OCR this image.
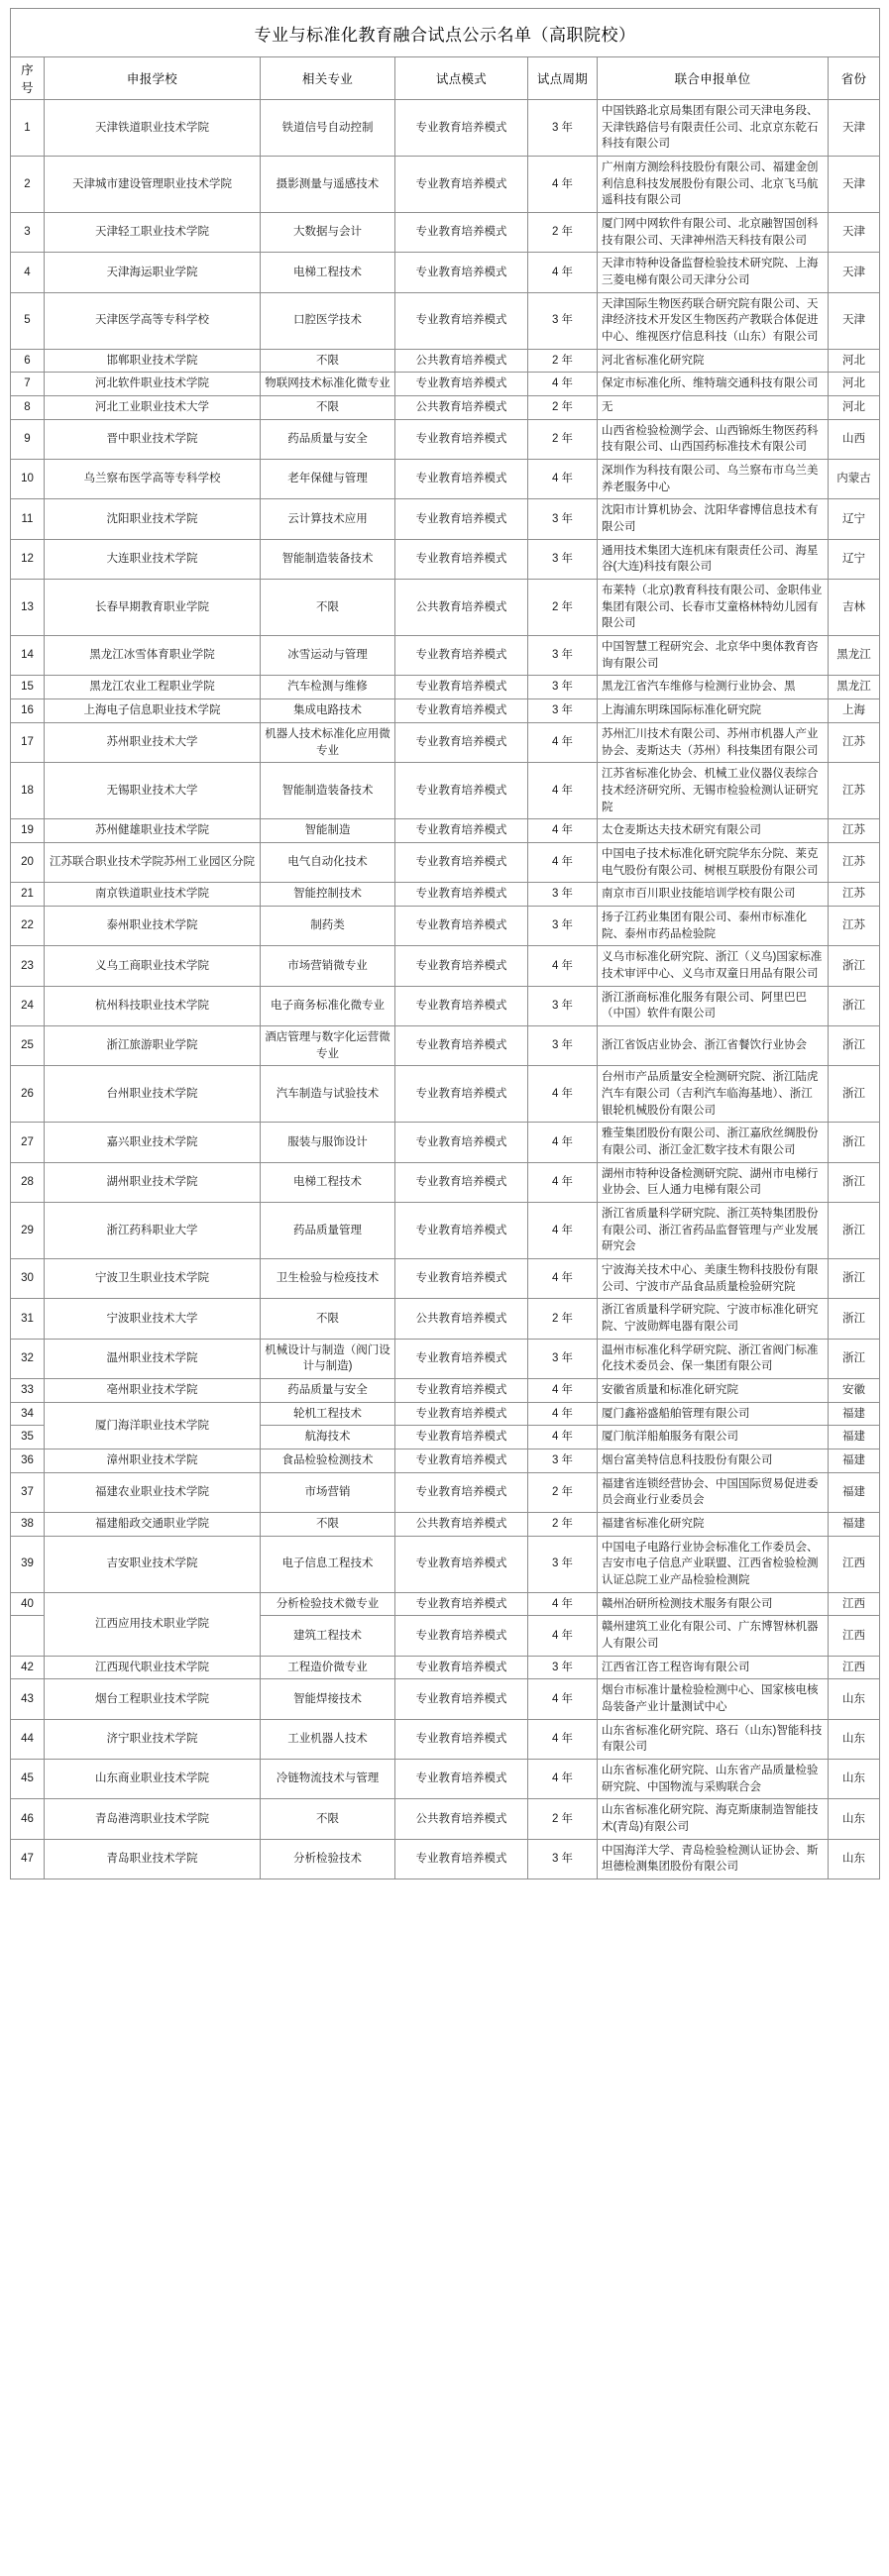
专业与标准化教育融合试点公示名单（高职院校）						
序号	申报学校	相关专业	试点模式	试点周期	联合申报单位	省份
1	天津铁道职业技术学院	铁道信号自动控制	专业教育培养模式	3 年	中国铁路北京局集团有限公司天津电务段、天津铁路信号有限责任公司、北京京东乾石科技有限公司	天津
2	天津城市建设管理职业技术学院	摄影测量与遥感技术	专业教育培养模式	4 年	广州南方测绘科技股份有限公司、福建金创利信息科技发展股份有限公司、北京飞马航遥科技有限公司	天津
3	天津轻工职业技术学院	大数据与会计	专业教育培养模式	2 年	厦门网中网软件有限公司、北京融智国创科技有限公司、天津神州浩天科技有限公司	天津
4	天津海运职业学院	电梯工程技术	专业教育培养模式	4 年	天津市特种设备监督检验技术研究院、上海三菱电梯有限公司天津分公司	天津
5	天津医学高等专科学校	口腔医学技术	专业教育培养模式	3 年	天津国际生物医药联合研究院有限公司、天津经济技术开发区生物医药产教联合体促进中心、维视医疗信息科技（山东）有限公司	天津
6	邯郸职业技术学院	不限	公共教育培养模式	2 年	河北省标准化研究院	河北
7	河北软件职业技术学院	物联网技术标准化微专业	专业教育培养模式	4 年	保定市标准化所、维特瑞交通科技有限公司	河北
8	河北工业职业技术大学	不限	公共教育培养模式	2 年	无	河北
9	晋中职业技术学院	药品质量与安全	专业教育培养模式	2 年	山西省检验检测学会、山西锦烁生物医药科技有限公司、山西国药标准技术有限公司	山西
10	乌兰察布医学高等专科学校	老年保健与管理	专业教育培养模式	4 年	深圳作为科技有限公司、乌兰察布市乌兰美养老服务中心	内蒙古
11	沈阳职业技术学院	云计算技术应用	专业教育培养模式	3 年	沈阳市计算机协会、沈阳华睿博信息技术有限公司	辽宁
12	大连职业技术学院	智能制造装备技术	专业教育培养模式	3 年	通用技术集团大连机床有限责任公司、海星谷(大连)科技有限公司	辽宁
13	长春早期教育职业学院	不限	公共教育培养模式	2 年	布莱特（北京)教育科技有限公司、金职伟业集团有限公司、长春市艾童格林特幼儿园有限公司	吉林
14	黑龙江冰雪体育职业学院	冰雪运动与管理	专业教育培养模式	3 年	中国智慧工程研究会、北京华中奥体教育咨询有限公司	黑龙江
15	黑龙江农业工程职业学院	汽车检测与维修	专业教育培养模式	3 年	黑龙江省汽车维修与检测行业协会、黑	黑龙江
16	上海电子信息职业技术学院	集成电路技术	专业教育培养模式	3 年	上海浦东明珠国际标准化研究院	上海
17	苏州职业技术大学	机器人技术标准化应用微专业	专业教育培养模式	4 年	苏州汇川技术有限公司、苏州市机器人产业协会、麦斯达夫（苏州）科技集团有限公司	江苏
18	无锡职业技术大学	智能制造装备技术	专业教育培养模式	4 年	江苏省标准化协会、机械工业仪器仪表综合技术经济研究所、无锡市检验检测认证研究院	江苏
19	苏州健雄职业技术学院	智能制造	专业教育培养模式	4 年	太仓麦斯达夫技术研究有限公司	江苏
20	江苏联合职业技术学院苏州工业园区分院	电气自动化技术	专业教育培养模式	4 年	中国电子技术标准化研究院华东分院、莱克电气股份有限公司、树根互联股份有限公司	江苏
21	南京铁道职业技术学院	智能控制技术	专业教育培养模式	3 年	南京市百川职业技能培训学校有限公司	江苏
22	泰州职业技术学院	制药类	专业教育培养模式	3 年	扬子江药业集团有限公司、泰州市标准化院、泰州市药品检验院	江苏
23	义乌工商职业技术学院	市场营销微专业	专业教育培养模式	4 年	义乌市标准化研究院、浙江（义乌)国家标准技术审评中心、义乌市双童日用品有限公司	浙江
24	杭州科技职业技术学院	电子商务标准化微专业	专业教育培养模式	3 年	浙江浙商标准化服务有限公司、阿里巴巴（中国）软件有限公司	浙江
25	浙江旅游职业学院	酒店管理与数字化运营微专业	专业教育培养模式	3 年	浙江省饭店业协会、浙江省餐饮行业协会	浙江
26	台州职业技术学院	汽车制造与试验技术	专业教育培养模式	4 年	台州市产品质量安全检测研究院、浙江陆虎汽车有限公司（吉利汽车临海基地）、浙江银轮机械股份有限公司	浙江
27	嘉兴职业技术学院	服装与服饰设计	专业教育培养模式	4 年	雅莹集团股份有限公司、浙江嘉欣丝绸股份有限公司、浙江金汇数字技术有限公司	浙江
28	湖州职业技术学院	电梯工程技术	专业教育培养模式	4 年	湖州市特种设备检测研究院、湖州市电梯行业协会、巨人通力电梯有限公司	浙江
29	浙江药科职业大学	药品质量管理	专业教育培养模式	4 年	浙江省质量科学研究院、浙江英特集团股份有限公司、浙江省药品监督管理与产业发展研究会	浙江
30	宁波卫生职业技术学院	卫生检验与检疫技术	专业教育培养模式	4 年	宁波海关技术中心、美康生物科技股份有限公司、宁波市产品食品质量检验研究院	浙江
31	宁波职业技术大学	不限	公共教育培养模式	2 年	浙江省质量科学研究院、宁波市标准化研究院、宁波勋辉电器有限公司	浙江
32	温州职业技术学院	机械设计与制造（阀门设计与制造)	专业教育培养模式	3 年	温州市标准化科学研究院、浙江省阀门标准化技术委员会、保一集团有限公司	浙江
33	亳州职业技术学院	药品质量与安全	专业教育培养模式	4 年	安徽省质量和标准化研究院	安徽
34	厦门海洋职业技术学院	轮机工程技术	专业教育培养模式	4 年	厦门鑫裕盛船舶管理有限公司	福建
35		航海技术	专业教育培养模式	4 年	厦门航洋船舶服务有限公司	福建
36	漳州职业技术学院	食品检验检测技术	专业教育培养模式	3 年	烟台富美特信息科技股份有限公司	福建
37	福建农业职业技术学院	市场营销	专业教育培养模式	2 年	福建省连锁经营协会、中国国际贸易促进委员会商业行业委员会	福建
38	福建船政交通职业学院	不限	公共教育培养模式	2 年	福建省标准化研究院	福建
39	吉安职业技术学院	电子信息工程技术	专业教育培养模式	3 年	中国电子电路行业协会标准化工作委员会、吉安市电子信息产业联盟、江西省检验检测认证总院工业产品检验检测院	江西
40	江西应用技术职业学院	分析检验技术微专业	专业教育培养模式	4 年	赣州冶研所检测技术服务有限公司	江西
		建筑工程技术	专业教育培养模式	4 年	赣州建筑工业化有限公司、广东博智林机器人有限公司	江西
42	江西现代职业技术学院	工程造价微专业	专业教育培养模式	3 年	江西省江咨工程咨询有限公司	江西
43	烟台工程职业技术学院	智能焊接技术	专业教育培养模式	4 年	烟台市标准计量检验检测中心、国家核电核岛装备产业计量测试中心	山东
44	济宁职业技术学院	工业机器人技术	专业教育培养模式	4 年	山东省标准化研究院、珞石（山东)智能科技有限公司	山东
45	山东商业职业技术学院	冷链物流技术与管理	专业教育培养模式	4 年	山东省标准化研究院、山东省产品质量检验研究院、中国物流与采购联合会	山东
46	青岛港湾职业技术学院	不限	公共教育培养模式	2 年	山东省标准化研究院、海克斯康制造智能技术(青岛)有限公司	山东
47	青岛职业技术学院	分析检验技术	专业教育培养模式	3 年	中国海洋大学、青岛检验检测认证协会、斯坦德检测集团股份有限公司	山东
